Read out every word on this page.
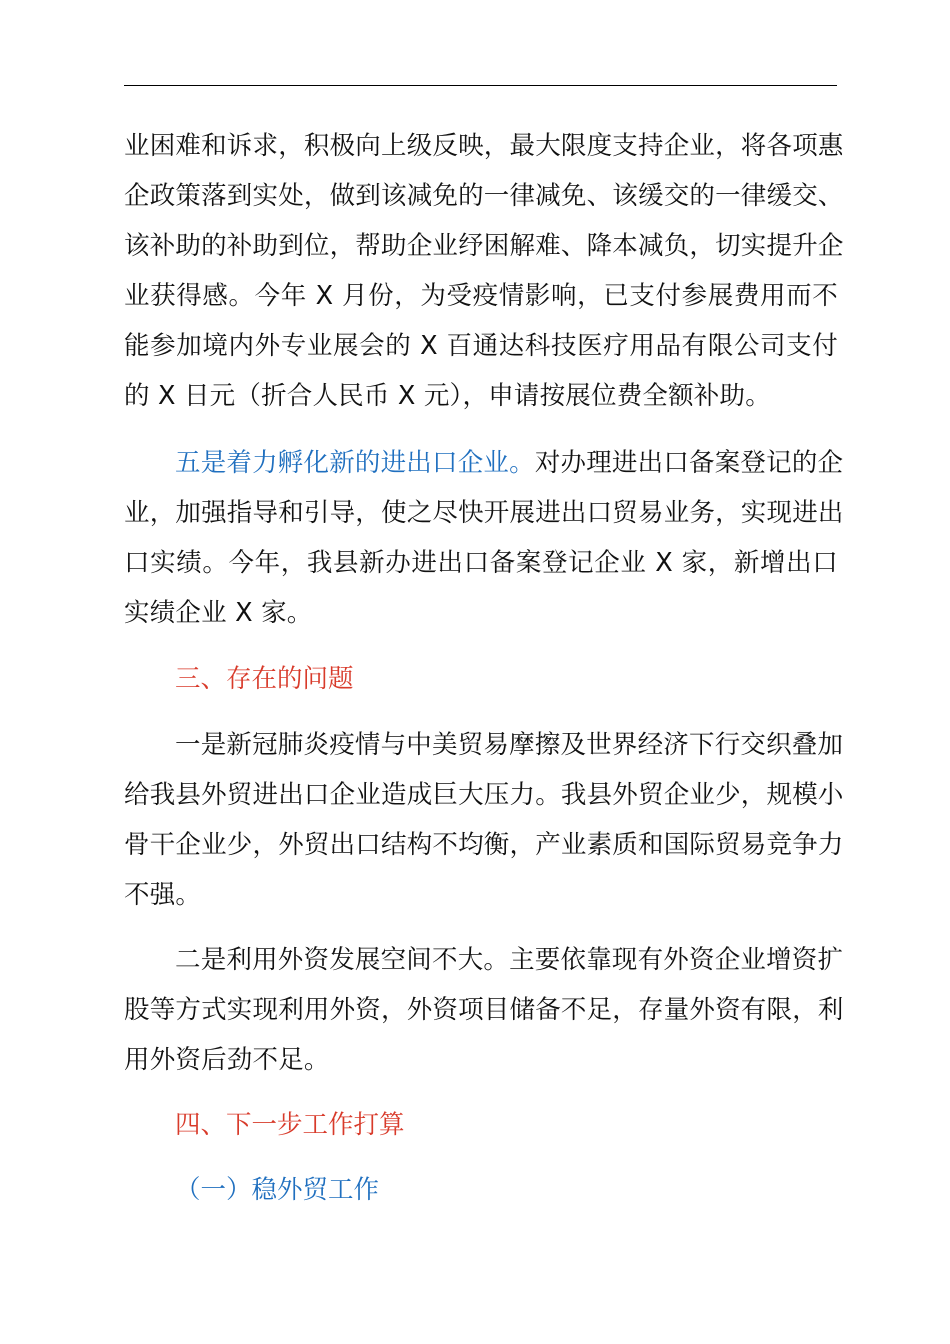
业困难和诉求，积极向上级反映，最大限度支持企业，将各项惠
企政策落到实处，做到该减免的一律减免、该缓交的一律缓交、
该补助的补助到位，帮助企业纾困解难、降本减负，切实提升企
业获得感。今年 X 月份，为受疫情影响，已支付参展费用而不
能参加境内外专业展会的 X 百通达科技医疗用品有限公司支付
的 X 日元（折合人民币 X 元），申请按展位费全额补助。
五是着力孵化新的进出口企业。对办理进出口备案登记的企
业，加强指导和引导，使之尽快开展进出口贸易业务，实现进出
口实绩。今年，我县新办进出口备案登记企业 X 家，新增出口
实绩企业 X 家。
三、存在的问题
一是新冠肺炎疫情与中美贸易摩擦及世界经济下行交织叠加
给我县外贸进出口企业造成巨大压力。我县外贸企业少，规模小
骨干企业少，外贸出口结构不均衡，产业素质和国际贸易竞争力
不强。
二是利用外资发展空间不大。主要依靠现有外资企业增资扩
股等方式实现利用外资，外资项目储备不足，存量外资有限，利
用外资后劲不足。
四、下一步工作打算
（一）稳外贸工作
